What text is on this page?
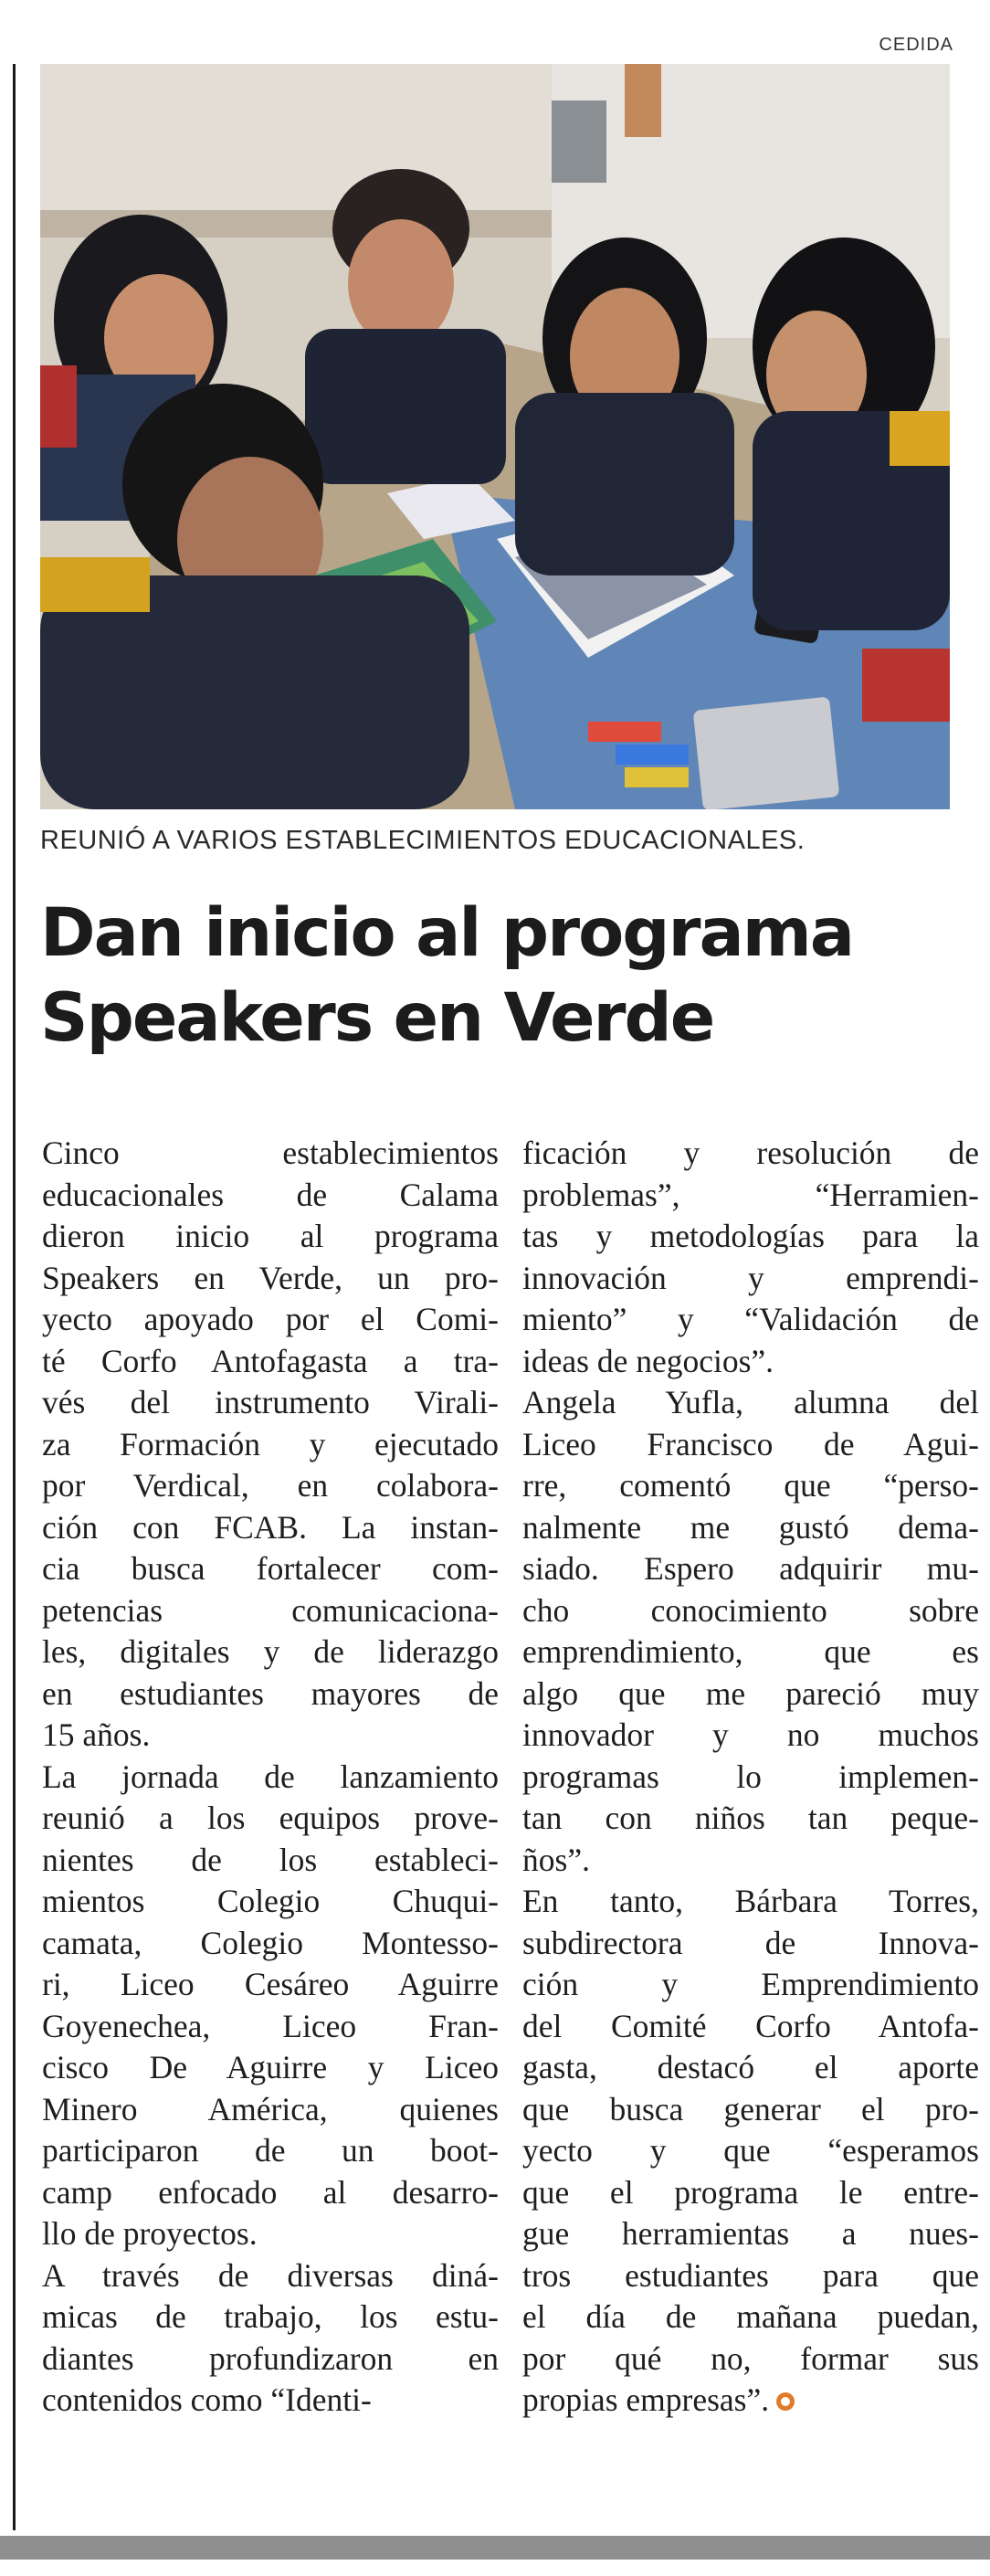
CEDIDA
REUNIÓ A VARIOS ESTABLECIMIENTOS EDUCACIONALES.
Dan inicio al programa
Speakers en Verde
Cinco establecimientos
educacionales de Calama
dieron inicio al programa
Speakers en Verde, un pro-
yecto apoyado por el Comi-
té Corfo Antofagasta a tra-
vés del instrumento Virali-
za Formación y ejecutado
por Verdical, en colabora-
ción con FCAB. La instan-
cia busca fortalecer com-
petencias comunicaciona-
les, digitales y de liderazgo
en estudiantes mayores de
15 años.
La jornada de lanzamiento
reunió a los equipos prove-
nientes de los estableci-
mientos Colegio Chuqui-
camata, Colegio Montesso-
ri, Liceo Cesáreo Aguirre
Goyenechea, Liceo Fran-
cisco De Aguirre y Liceo
Minero América, quienes
participaron de un boot-
camp enfocado al desarro-
llo de proyectos.
A través de diversas diná-
micas de trabajo, los estu-
diantes profundizaron en
contenidos como “Identi-
ficación y resolución de
problemas”, “Herramien-
tas y metodologías para la
innovación y emprendi-
miento” y “Validación de
ideas de negocios”.
Angela Yufla, alumna del
Liceo Francisco de Agui-
rre, comentó que “perso-
nalmente me gustó dema-
siado. Espero adquirir mu-
cho conocimiento sobre
emprendimiento, que es
algo que me pareció muy
innovador y no muchos
programas lo implemen-
tan con niños tan peque-
ños”.
En tanto, Bárbara Torres,
subdirectora de Innova-
ción y Emprendimiento
del Comité Corfo Antofa-
gasta, destacó el aporte
que busca generar el pro-
yecto y que “esperamos
que el programa le entre-
gue herramientas a nues-
tros estudiantes para que
el día de mañana puedan,
por qué no, formar sus
propias empresas”.
